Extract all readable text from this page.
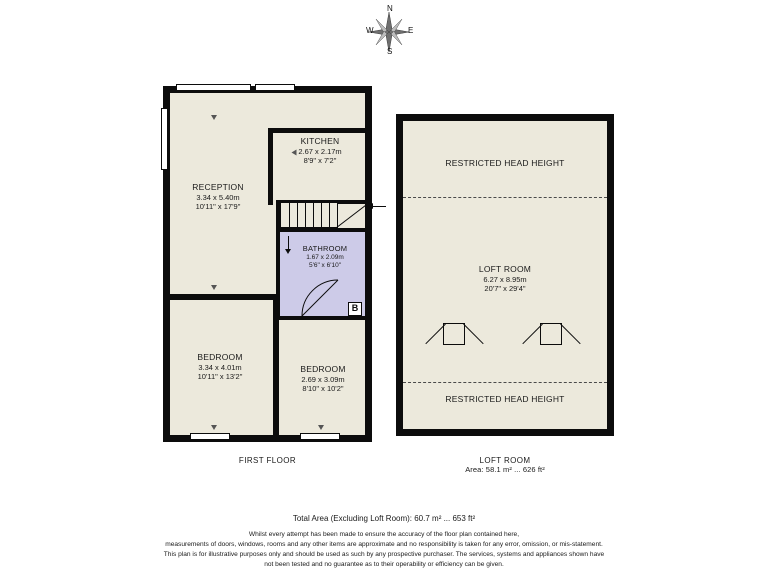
N
S
E
W
B
RECEPTION
3.34 x 5.40m
10'11" x 17'9"
KITCHEN
2.67 x 2.17m
8'9" x 7'2"
BATHROOM
1.67 x 2.09m
5'6" x 6'10"
BEDROOM
3.34 x 4.01m
10'11" x 13'2"
BEDROOM
2.69 x 3.09m
8'10" x 10'2"
FIRST FLOOR
RESTRICTED HEAD HEIGHT
RESTRICTED HEAD HEIGHT
LOFT ROOM
6.27 x 8.95m
20'7" x 29'4"
LOFT ROOM
Area: 58.1 m² ... 626 ft²
Total Area (Excluding Loft Room): 60.7 m² ... 653 ft²
Whilst every attempt has been made to ensure the accuracy of the floor plan contained here,
measurements of doors, windows, rooms and any other items are approximate and no responsibility is taken for any error, omission, or mis-statement.
This plan is for illustrative purposes only and should be used as such by any prospective purchaser. The services, systems and appliances shown have
not been tested and no guarantee as to their operability or efficiency can be given.
